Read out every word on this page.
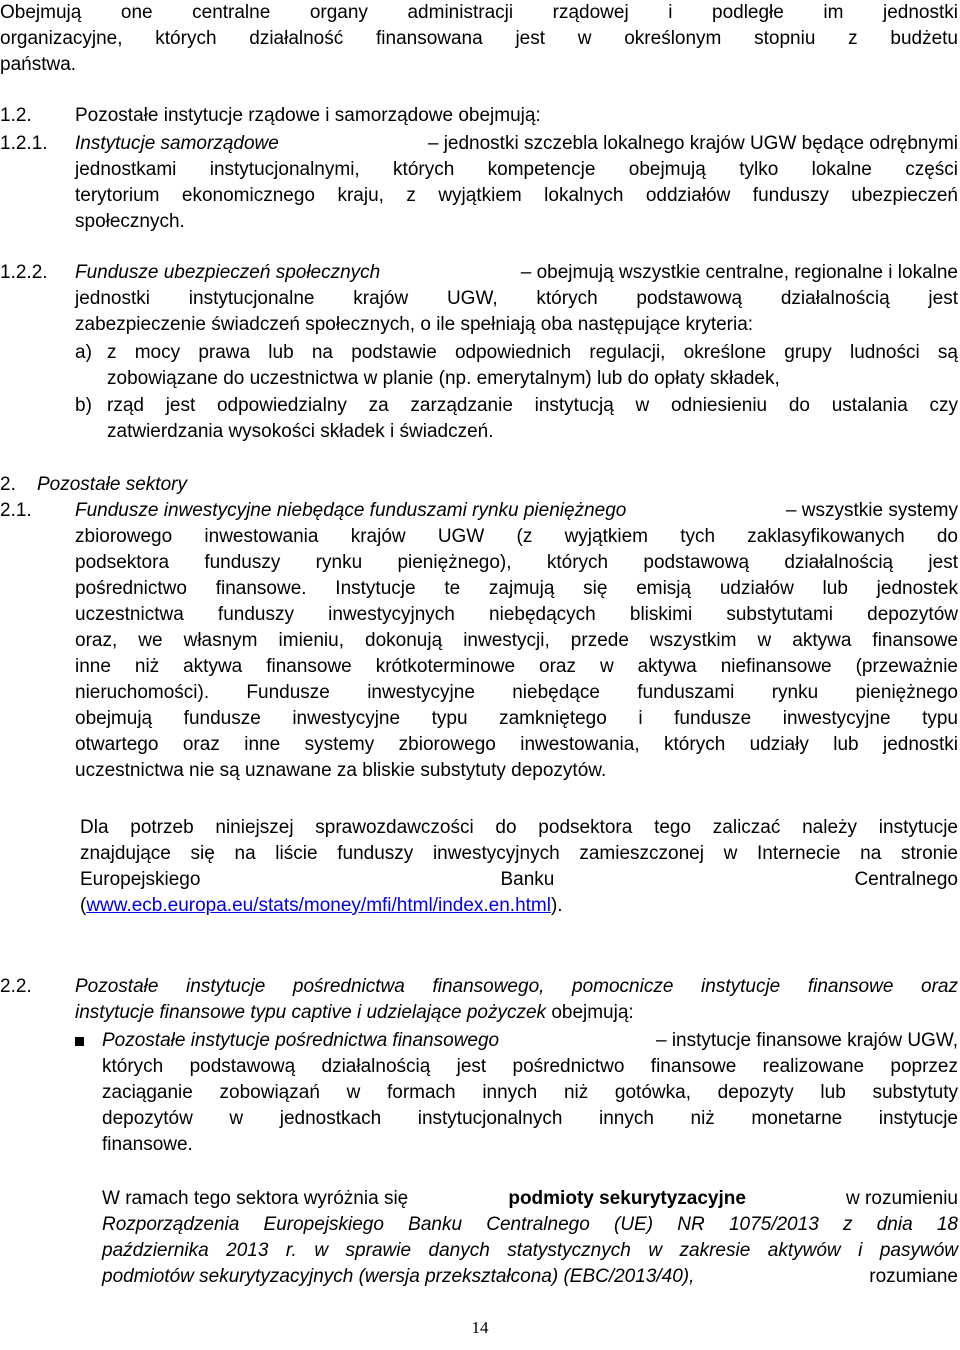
Obejmują one centralne organy administracji rządowej i podległe im jednostki
organizacyjne, których działalność finansowana jest w określonym stopniu z budżetu
państwa.
1.2. Pozostałe instytucje rządowe i samorządowe obejmują:
1.2.1. Instytucje samorządowe	– jednostki szczebla lokalnego krajów UGW będące odrębnymi
jednostkami instytucjonalnymi, których kompetencje obejmują tylko lokalne części
terytorium ekonomicznego kraju, z wyjątkiem lokalnych oddziałów funduszy ubezpieczeń
społecznych.
1.2.2. Fundusze ubezpieczeń społecznych	– obejmują wszystkie centralne, regionalne i lokalne
jednostki instytucjonalne krajów UGW, których podstawową działalnością jest
zabezpieczenie świadczeń społecznych, o ile spełniają oba następujące kryteria:
a) z mocy prawa lub na podstawie odpowiednich regulacji, określone grupy ludności są
zobowiązane do uczestnictwa w planie (np. emerytalnym) lub do opłaty składek,
b) rząd jest odpowiedzialny za zarządzanie instytucją w odniesieniu do ustalania czy
zatwierdzania wysokości składek i świadczeń.
2. Pozostałe sektory
2.1. Fundusze inwestycyjne niebędące funduszami rynku pieniężnego	– wszystkie systemy
zbiorowego inwestowania krajów UGW (z wyjątkiem tych zaklasyfikowanych do
podsektora funduszy rynku pieniężnego), których podstawową działalnością jest
pośrednictwo finansowe. Instytucje te zajmują się emisją udziałów lub jednostek
uczestnictwa funduszy inwestycyjnych niebędących bliskimi substytutami depozytów
oraz, we własnym imieniu, dokonują inwestycji, przede wszystkim w aktywa finansowe
inne niż aktywa finansowe krótkoterminowe oraz w aktywa niefinansowe (przeważnie
nieruchomości). Fundusze inwestycyjne niebędące funduszami rynku pieniężnego
obejmują fundusze inwestycyjne typu zamkniętego i fundusze inwestycyjne typu
otwartego oraz inne systemy zbiorowego inwestowania, których udziały lub jednostki
uczestnictwa nie są uznawane za bliskie substytuty depozytów.
Dla potrzeb niniejszej sprawozdawczości do podsektora tego zaliczać należy instytucje
znajdujące się na liście funduszy inwestycyjnych zamieszczonej w Internecie na stronie
Europejskiego	Banku	Centralnego
(www.ecb.europa.eu/stats/money/mfi/html/index.en.html).
2.2. Pozostałe instytucje pośrednictwa finansowego, pomocnicze instytucje finansowe oraz
instytucje finansowe typu captive i udzielające pożyczek obejmują:
Pozostałe instytucje pośrednictwa finansowego	– instytucje finansowe krajów UGW,
których podstawową działalnością jest pośrednictwo finansowe realizowane poprzez
zaciąganie zobowiązań w formach innych niż gotówka, depozyty lub substytuty
depozytów w jednostkach instytucjonalnych innych niż monetarne instytucje
finansowe.
W ramach tego sektora wyróżnia się	podmioty sekurytyzacyjne	w rozumieniu
Rozporządzenia Europejskiego Banku Centralnego (UE) NR 1075/2013 z dnia 18
października 2013 r. w sprawie danych statystycznych w zakresie aktywów i pasywów
podmiotów sekurytyzacyjnych (wersja przekształcona) (EBC/2013/40),	rozumiane
14
